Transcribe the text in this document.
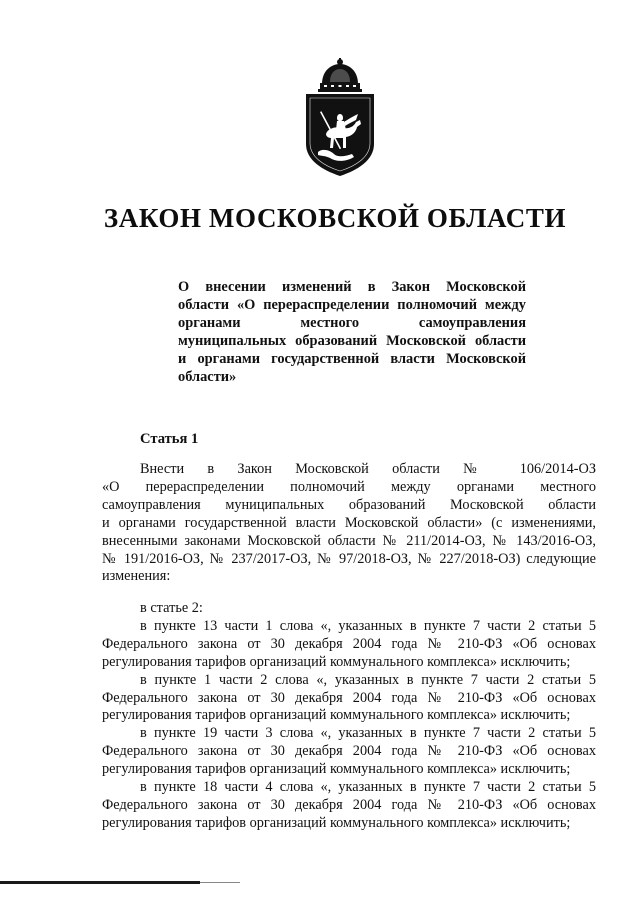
ЗАКОН МОСКОВСКОЙ ОБЛАСТИ

О внесении изменений в Закон Московской
области «О перераспределении полномочий между
органами местного самоуправления
муниципальных образований Московской области
и органами государственной власти Московской
области»

Статья 1
Внести в Закон Московской области № 106/2014-ОЗ
«О перераспределении полномочий между органами местного
самоуправления муниципальных образований Московской области
и органами государственной власти Московской области» (с изменениями,
внесенными законами Московской области № 211/2014-ОЗ, № 143/2016-ОЗ,
№ 191/2016-ОЗ, № 237/2017-ОЗ, № 97/2018-ОЗ, № 227/2018-ОЗ) следующие
изменения:
в статье 2:
в пункте 13 части 1 слова «, указанных в пункте 7 части 2 статьи 5
Федерального закона от 30 декабря 2004 года № 210-ФЗ «Об основах
регулирования тарифов организаций коммунального комплекса» исключить;
в пункте 1 части 2 слова «, указанных в пункте 7 части 2 статьи 5
Федерального закона от 30 декабря 2004 года № 210-ФЗ «Об основах
регулирования тарифов организаций коммунального комплекса» исключить;
в пункте 19 части 3 слова «, указанных в пункте 7 части 2 статьи 5
Федерального закона от 30 декабря 2004 года № 210-ФЗ «Об основах
регулирования тарифов организаций коммунального комплекса» исключить;
в пункте 18 части 4 слова «, указанных в пункте 7 части 2 статьи 5
Федерального закона от 30 декабря 2004 года № 210-ФЗ «Об основах
регулирования тарифов организаций коммунального комплекса» исключить;
